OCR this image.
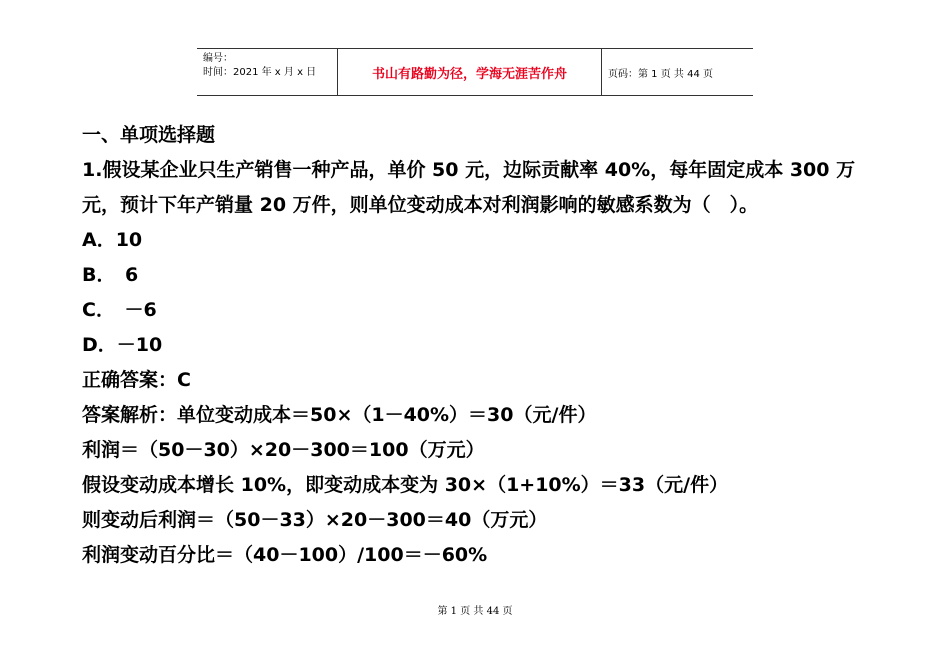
编号：
时间：2021 年 x 月 x 日	书山有路勤为径，学海无涯苦作舟	页码：第 1 页 共 44 页
一、单项选择题
1.假设某企业只生产销售一种产品，单价 50 元，边际贡献率 40%，每年固定成本 300 万元，预计下年产销量 20 万件，则单位变动成本对利润影响的敏感系数为（　）。
A．10
B．　6
C．　－6
D．－10
正确答案：C
答案解析：单位变动成本＝50×（1－40%）＝30（元/件）
利润＝（50－30）×20－300＝100（万元）
假设变动成本增长 10%，即变动成本变为 30×（1+10%）＝33（元/件）
则变动后利润＝（50－33）×20－300＝40（万元）
利润变动百分比＝（40－100）/100＝－60%
第 1 页 共 44 页
